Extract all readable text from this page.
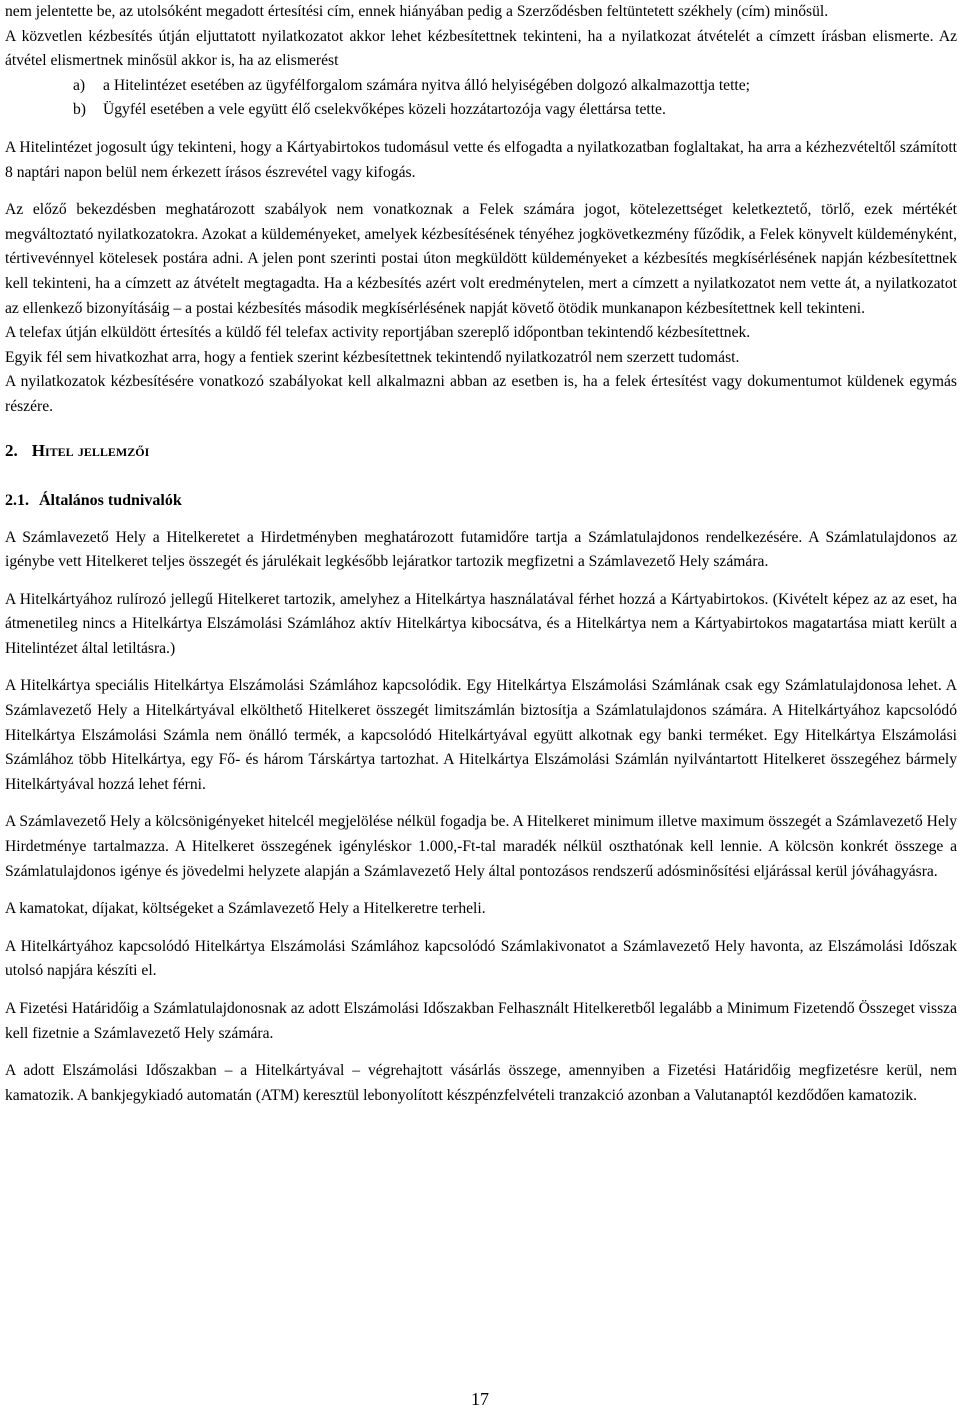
nem jelentette be, az utolsóként megadott értesítési cím, ennek hiányában pedig a Szerződésben feltüntetett székhely (cím) minősül.

A közvetlen kézbesítés útján eljuttatott nyilatkozatot akkor lehet kézbesítettnek tekinteni, ha a nyilatkozat átvételét a címzett írásban elismerte. Az átvétel elismertnek minősül akkor is, ha az elismerést

a)	a Hitelintézet esetében az ügyfélforgalom számára nyitva álló helyiségében dolgozó alkalmazottja tette;
b)	Ügyfél esetében a vele együtt élő cselekvőképes közeli hozzátartozója vagy élettársa tette.

A Hitelintézet jogosult úgy tekinteni, hogy a Kártyabirtokos tudomásul vette és elfogadta a nyilatkozatban foglaltakat, ha arra a kézhezvételtől számított 8 naptári napon belül nem érkezett írásos észrevétel vagy kifogás.

Az előző bekezdésben meghatározott szabályok nem vonatkoznak a Felek számára jogot, kötelezettséget keletkeztető, törlő, ezek mértékét megváltoztató nyilatkozatokra. Azokat a küldeményeket, amelyek kézbesítésének tényéhez jogkövetkezmény fűződik, a Felek könyvelt küldeményként, tértivevénnyel kötelesek postára adni. A jelen pont szerinti postai úton megküldött küldeményeket a kézbesítés megkísérlésének napján kézbesítettnek kell tekinteni, ha a címzett az átvételt megtagadta. Ha a kézbesítés azért volt eredménytelen, mert a címzett a nyilatkozatot nem vette át, a nyilatkozatot az ellenkező bizonyításáig – a postai kézbesítés második megkísérlésének napját követő ötödik munkanapon kézbesítettnek kell tekinteni.

A telefax útján elküldött értesítés a küldő fél telefax activity reportjában szereplő időpontban tekintendő kézbesítettnek.

Egyik fél sem hivatkozhat arra, hogy a fentiek szerint kézbesítettnek tekintendő nyilatkozatról nem szerzett tudomást.

A nyilatkozatok kézbesítésére vonatkozó szabályokat kell alkalmazni abban az esetben is, ha a felek értesítést vagy dokumentumot küldenek egymás részére.

2. Hitel jellemzői
2.1. Általános tudnivalók

A Számlavezető Hely a Hitelkeretet a Hirdetményben meghatározott futamidőre tartja a Számlatulajdonos rendelkezésére. A Számlatulajdonos az igénybe vett Hitelkeret teljes összegét és járulékait legkésőbb lejáratkor tartozik megfizetni a Számlavezető Hely számára.

A Hitelkártyához rulírozó jellegű Hitelkeret tartozik, amelyhez a Hitelkártya használatával férhet hozzá a Kártyabirtokos. (Kivételt képez az az eset, ha átmenetileg nincs a Hitelkártya Elszámolási Számlához aktív Hitelkártya kibocsátva, és a Hitelkártya nem a Kártyabirtokos magatartása miatt került a Hitelintézet által letiltásra.)

A Hitelkártya speciális Hitelkártya Elszámolási Számlához kapcsolódik. Egy Hitelkártya Elszámolási Számlának csak egy Számlatulajdonosa lehet. A Számlavezető Hely a Hitelkártyával elkölthető Hitelkeret összegét limitszámlán biztosítja a Számlatulajdonos számára. A Hitelkártyához kapcsolódó Hitelkártya Elszámolási Számla nem önálló termék, a kapcsolódó Hitelkártyával együtt alkotnak egy banki terméket. Egy Hitelkártya Elszámolási Számlához több Hitelkártya, egy Fő- és három Társkártya tartozhat. A Hitelkártya Elszámolási Számlán nyilvántartott Hitelkeret összegéhez bármely Hitelkártyával hozzá lehet férni.

A Számlavezető Hely a kölcsönigényeket hitelcél megjelölése nélkül fogadja be. A Hitelkeret minimum illetve maximum összegét a Számlavezető Hely Hirdetménye tartalmazza. A Hitelkeret összegének igényléskor 1.000,-Ft-tal maradék nélkül oszthatónak kell lennie. A kölcsön konkrét összege a Számlatulajdonos igénye és jövedelmi helyzete alapján a Számlavezető Hely által pontozásos rendszerű adósminősítési eljárással kerül jóváhagyásra.

A kamatokat, díjakat, költségeket a Számlavezető Hely a Hitelkeretre terheli.

A Hitelkártyához kapcsolódó Hitelkártya Elszámolási Számlához kapcsolódó Számlakivonatot a Számlavezető Hely havonta, az Elszámolási Időszak utolsó napjára készíti el.

A Fizetési Határidőig a Számlatulajdonosnak az adott Elszámolási Időszakban Felhasznált Hitelkeretből legalább a Minimum Fizetendő Összeget vissza kell fizetnie a Számlavezető Hely számára.

A adott Elszámolási Időszakban – a Hitelkártyával – végrehajtott vásárlás összege, amennyiben a Fizetési Határidőig megfizetésre kerül, nem kamatozik. A bankjegykiadó automatán (ATM) keresztül lebonyolított készpénzfelvételi tranzakció azonban a Valutanaptól kezdődően kamatozik.

17
